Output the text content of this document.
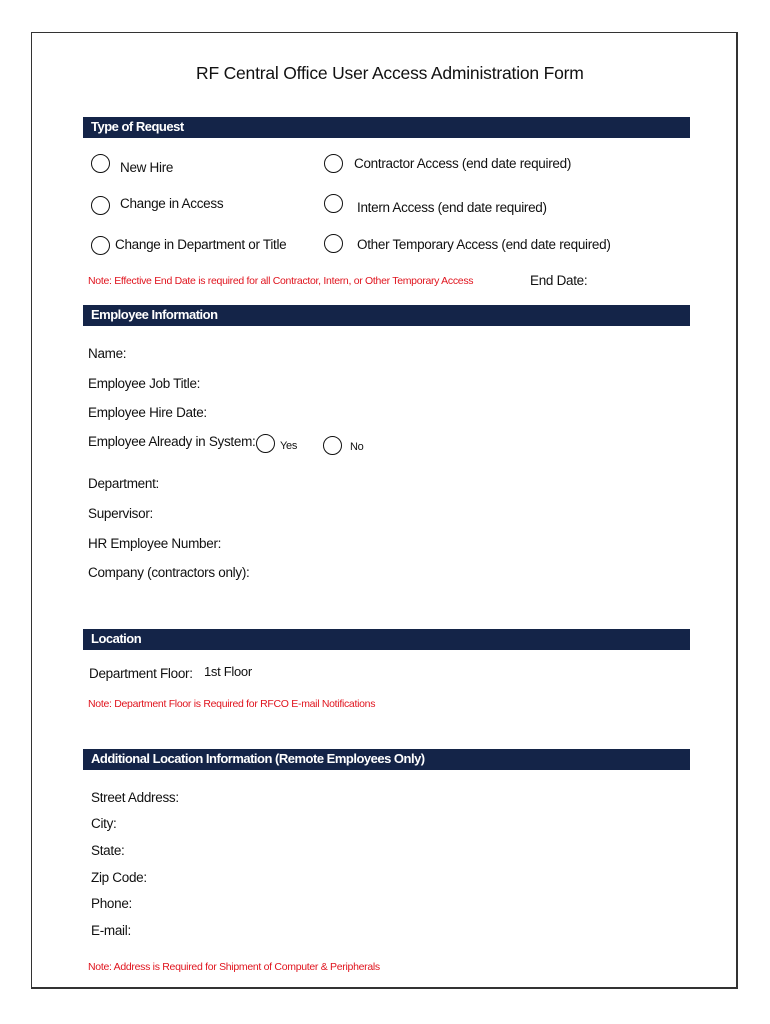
RF Central Office User Access Administration Form
Type of Request
New Hire	Contractor Access (end date required)
Change in Access	Intern Access (end date required)
Change in Department or Title	Other Temporary Access (end date required)
Note: Effective End Date is required for all Contractor, Intern, or Other Temporary Access	End Date:
Employee Information
Name:
Employee Job Title:
Employee Hire Date:
Employee Already in System: Yes	No
Department:
Supervisor:
HR Employee Number:
Company (contractors only):
Location
Department Floor: 1st Floor
Note: Department Floor is Required for RFCO E-mail Notifications
Additional Location Information (Remote Employees Only)
Street Address:
City:
State:
Zip Code:
Phone:
E-mail:
Note: Address is Required for Shipment of Computer & Peripherals
